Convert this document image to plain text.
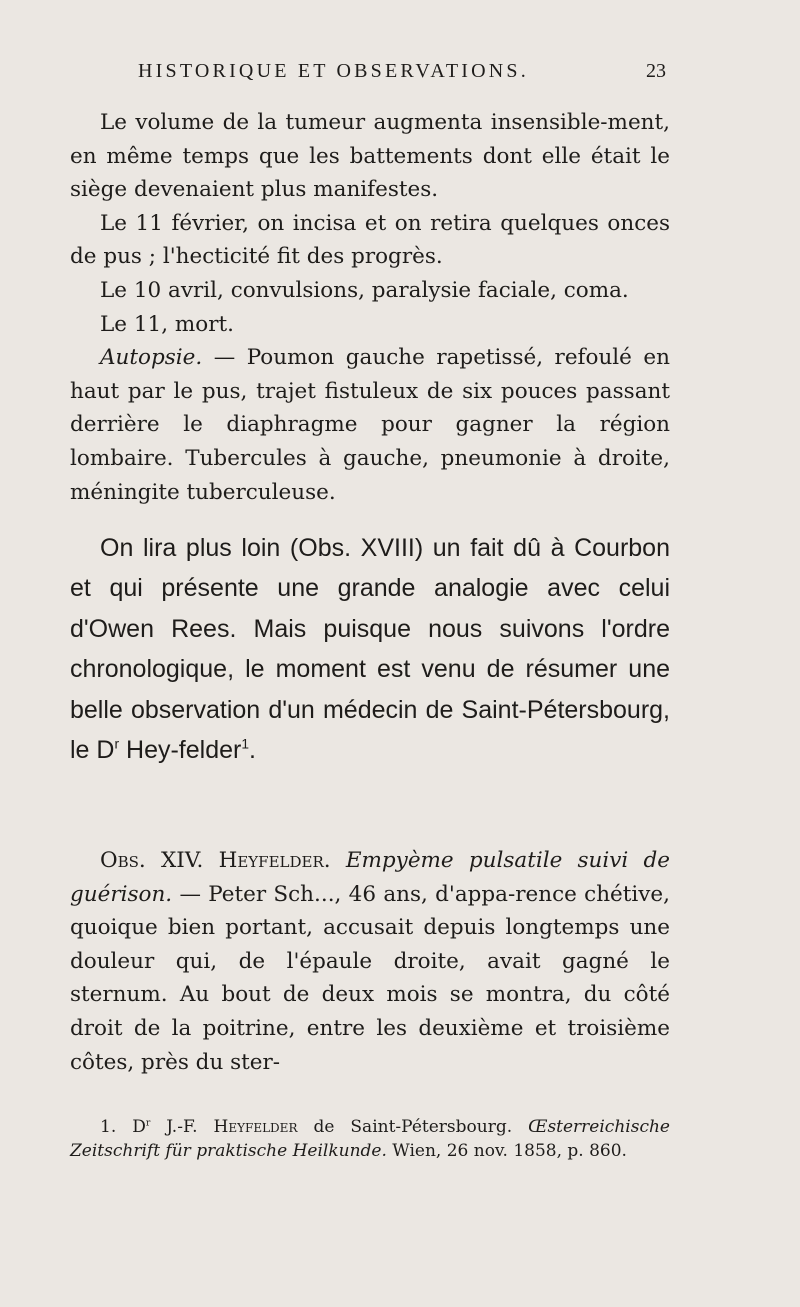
HISTORIQUE ET OBSERVATIONS.	23

Le volume de la tumeur augmenta insensible-ment, en même temps que les battements dont elle était le siège devenaient plus manifestes.

Le 11 février, on incisa et on retira quelques onces de pus ; l'hecticité fit des progrès.

Le 10 avril, convulsions, paralysie faciale, coma.

Le 11, mort.

Autopsie. — Poumon gauche rapetissé, refoulé en haut par le pus, trajet fistuleux de six pouces passant derrière le diaphragme pour gagner la région lombaire. Tubercules à gauche, pneumonie à droite, méningite tuberculeuse.

On lira plus loin (Obs. XVIII) un fait dû à Courbon et qui présente une grande analogie avec celui d'Owen Rees. Mais puisque nous suivons l'ordre chronologique, le moment est venu de résumer une belle observation d'un médecin de Saint-Pétersbourg, le $D^r$ Hey-felder$^1$.

Obs. XIV. Heyfelder. Empyème pulsatile suivi de guérison. — Peter Sch..., 46 ans, d'appa-rence chétive, quoique bien portant, accusait depuis longtemps une douleur qui, de l'épaule droite, avait gagné le sternum. Au bout de deux mois se montra, du côté droit de la poitrine, entre les deuxième et troisième côtes, près du ster-

1. $D^r$ J.-F. Heyfelder de Saint-Pétersbourg. Œsterreichische Zeitschrift für praktische Heilkunde. Wien, 26 nov. 1858, p. 860.
